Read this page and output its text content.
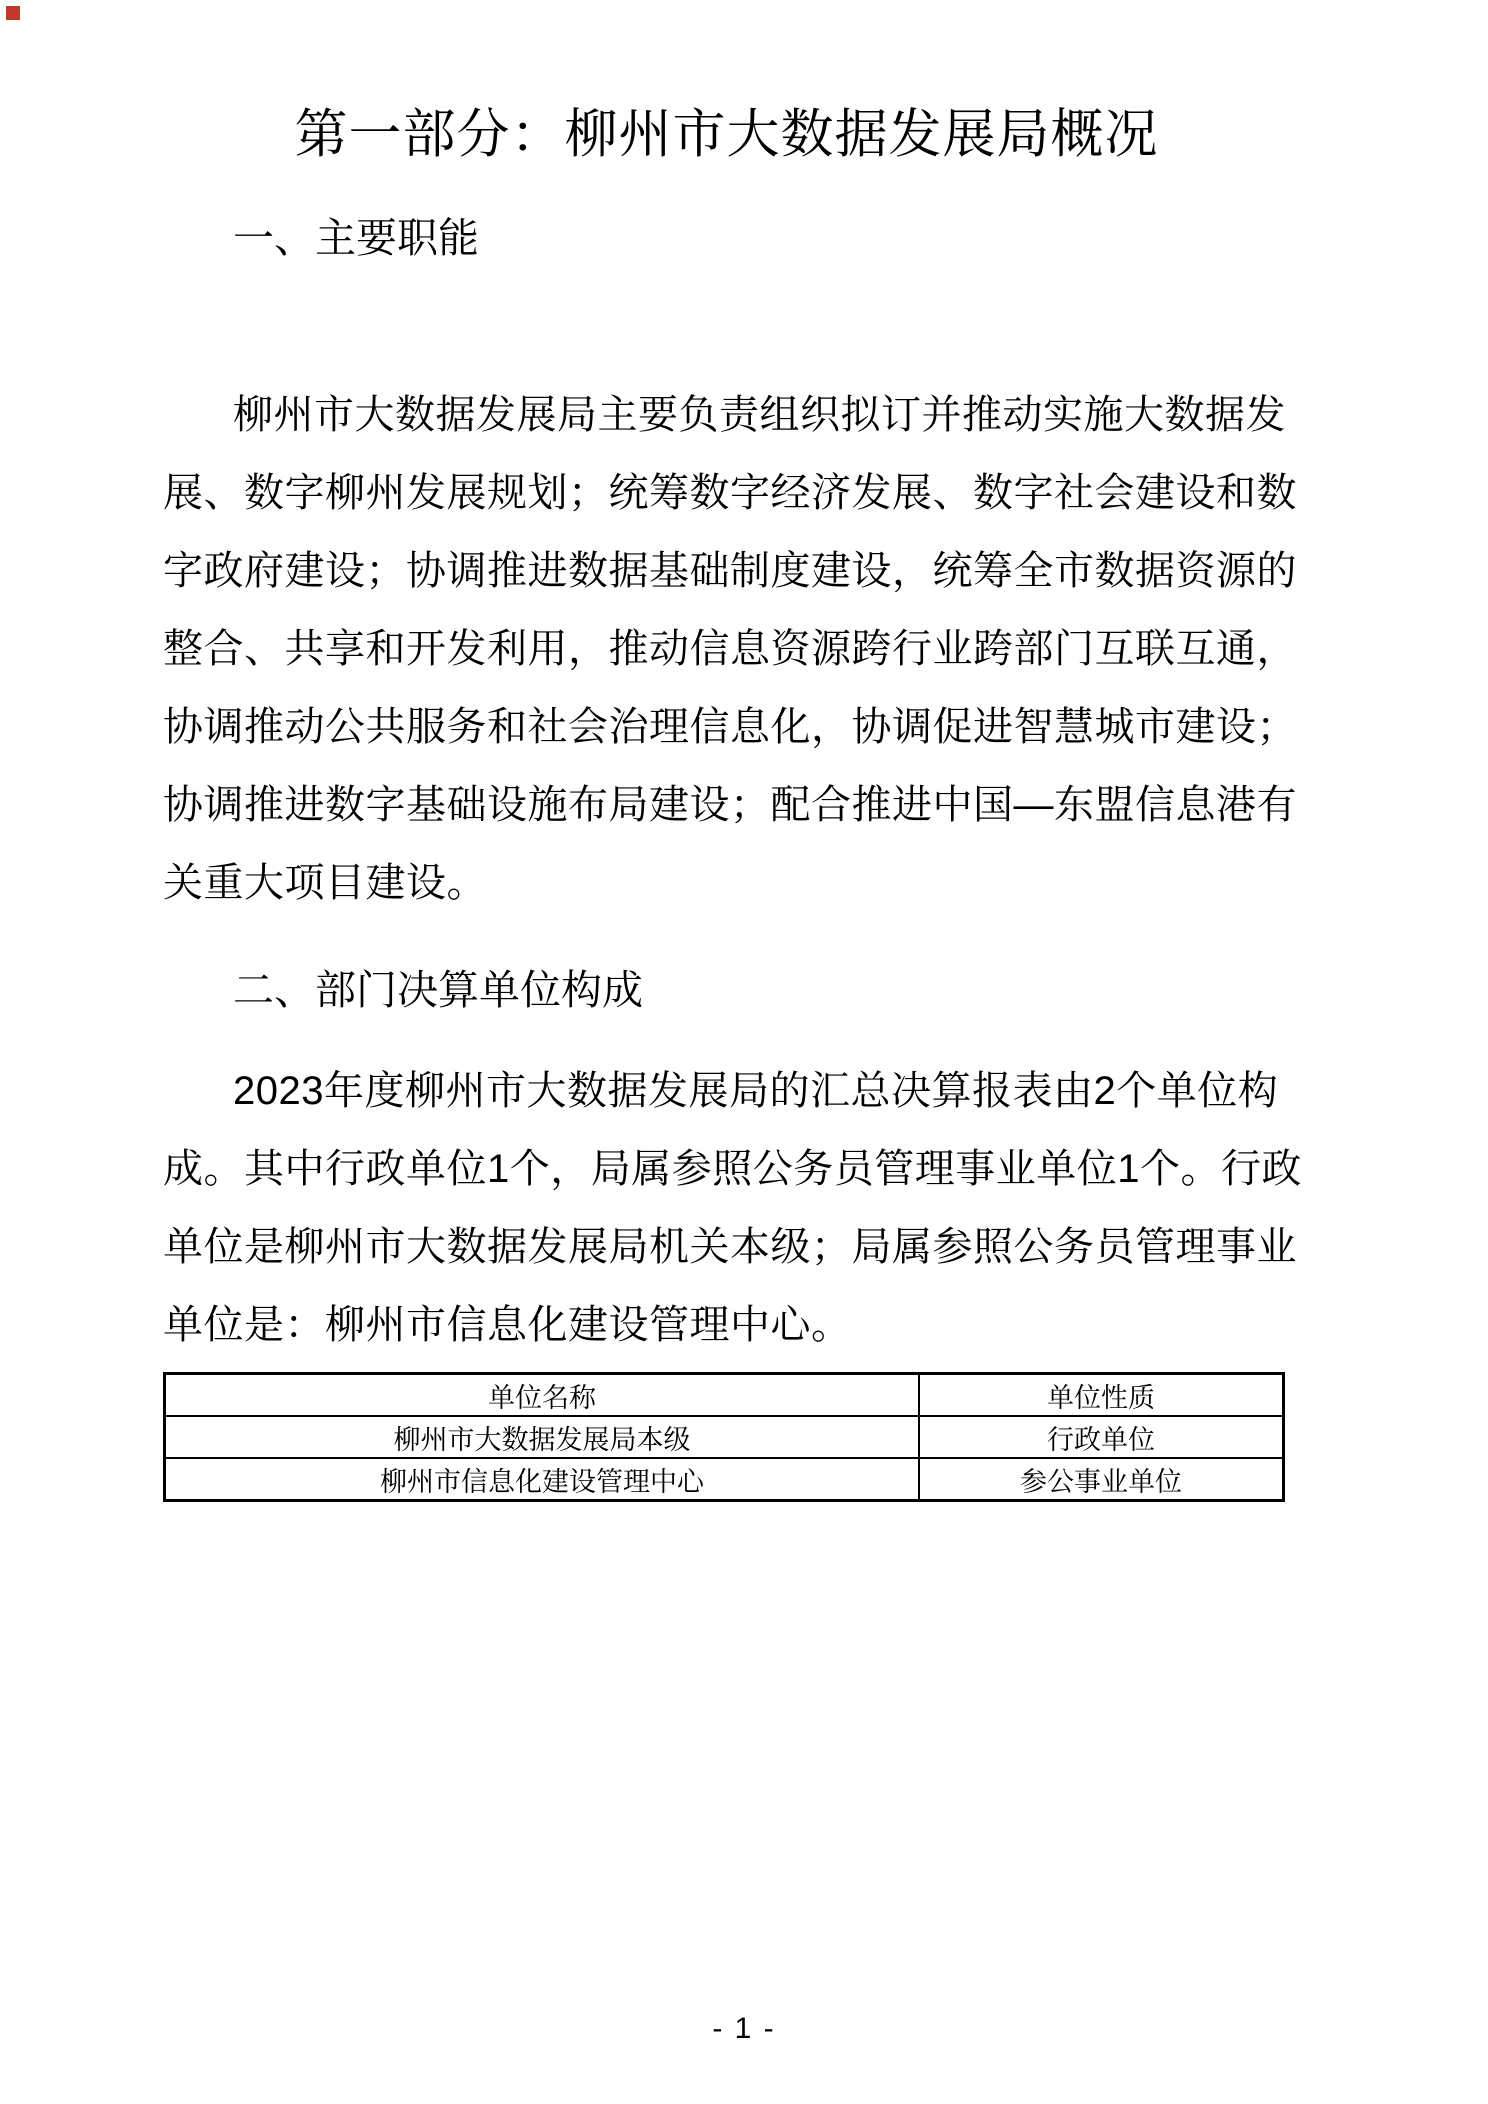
第一部分：柳州市大数据发展局概况
一、主要职能
柳州市大数据发展局主要负责组织拟订并推动实施大数据发
展、数字柳州发展规划；统筹数字经济发展、数字社会建设和数
字政府建设；协调推进数据基础制度建设，统筹全市数据资源的
整合、共享和开发利用，推动信息资源跨行业跨部门互联互通，
协调推动公共服务和社会治理信息化，协调促进智慧城市建设；
协调推进数字基础设施布局建设；配合推进中国—东盟信息港有
关重大项目建设。
二、部门决算单位构成
2023年度柳州市大数据发展局的汇总决算报表由2个单位构
成。其中行政单位1个，局属参照公务员管理事业单位1个。行政
单位是柳州市大数据发展局机关本级；局属参照公务员管理事业
单位是：柳州市信息化建设管理中心。
单位名称	单位性质
柳州市大数据发展局本级	行政单位
柳州市信息化建设管理中心	参公事业单位
- 1 -
